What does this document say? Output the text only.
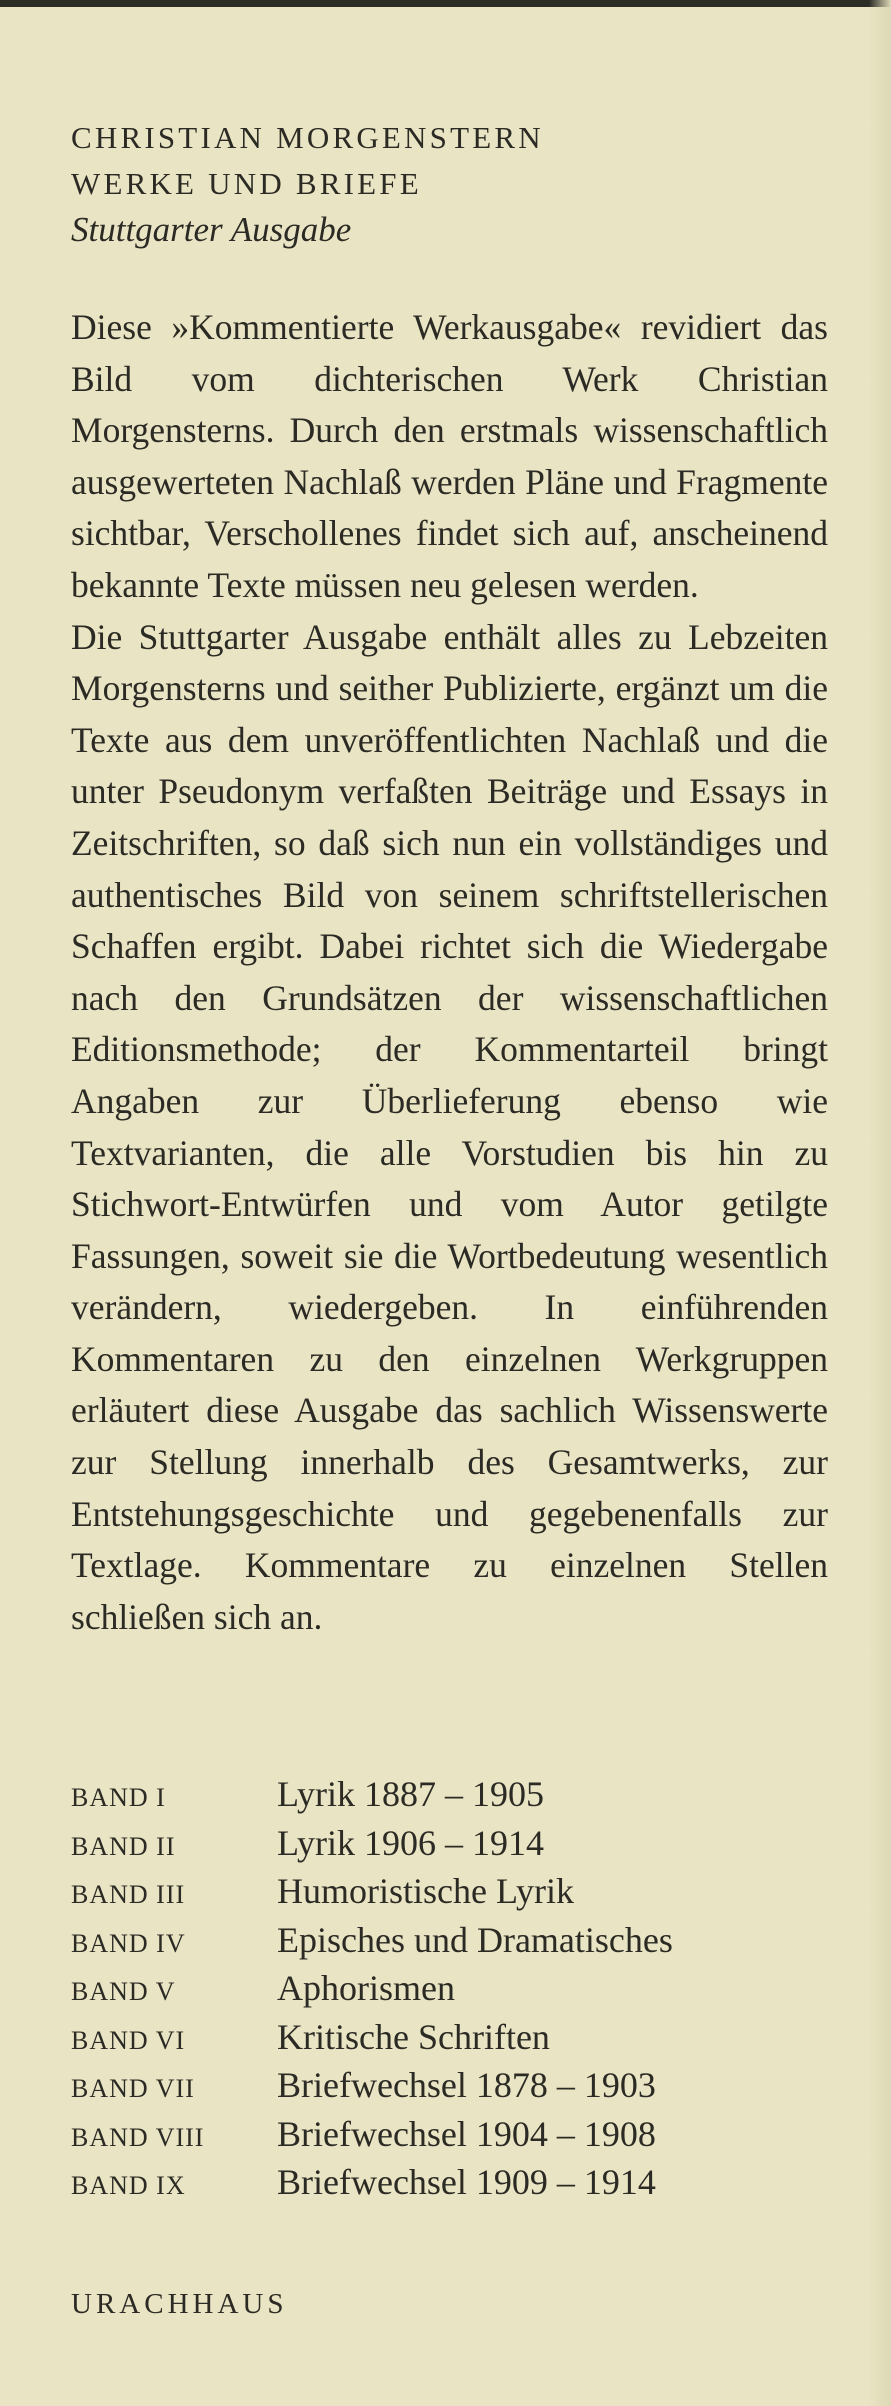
CHRISTIAN MORGENSTERN
WERKE UND BRIEFE
Stuttgarter Ausgabe

Diese »Kommentierte Werkausgabe« revidiert das Bild vom dichterischen Werk Christian Morgensterns. Durch den erstmals wissenschaftlich ausgewerteten Nachlaß werden Pläne und Fragmente sichtbar, Verschollenes findet sich auf, anscheinend bekannte Texte müssen neu gelesen werden.

Die Stuttgarter Ausgabe enthält alles zu Lebzeiten Morgensterns und seither Publizierte, ergänzt um die Texte aus dem unveröffentlichten Nachlaß und die unter Pseudonym verfaßten Beiträge und Essays in Zeitschriften, so daß sich nun ein vollständiges und authentisches Bild von seinem schriftstellerischen Schaffen ergibt. Dabei richtet sich die Wiedergabe nach den Grundsätzen der wissenschaftlichen Editionsmethode; der Kommentarteil bringt Angaben zur Überlieferung ebenso wie Textvarianten, die alle Vorstudien bis hin zu Stichwort-Entwürfen und vom Autor getilgte Fassungen, soweit sie die Wortbedeutung wesentlich verändern, wiedergeben. In einführenden Kommentaren zu den einzelnen Werkgruppen erläutert diese Ausgabe das sachlich Wissenswerte zur Stellung innerhalb des Gesamtwerks, zur Entstehungsgeschichte und gegebenenfalls zur Textlage. Kommentare zu einzelnen Stellen schließen sich an.

BAND I	Lyrik 1887 – 1905
BAND II	Lyrik 1906 – 1914
BAND III	Humoristische Lyrik
BAND IV	Episches und Dramatisches
BAND V	Aphorismen
BAND VI	Kritische Schriften
BAND VII	Briefwechsel 1878 – 1903
BAND VIII	Briefwechsel 1904 – 1908
BAND IX	Briefwechsel 1909 – 1914
URACHHAUS
